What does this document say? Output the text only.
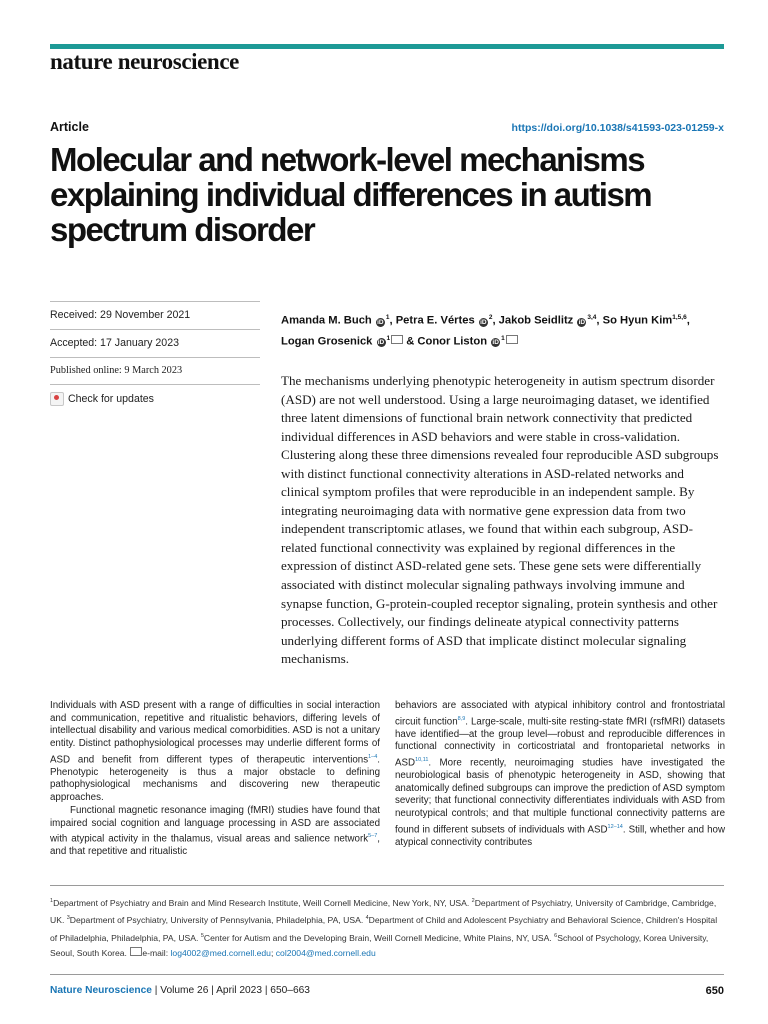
nature neuroscience
Article	https://doi.org/10.1038/s41593-023-01259-x
Molecular and network-level mechanisms explaining individual differences in autism spectrum disorder
Received: 29 November 2021
Accepted: 17 January 2023
Published online: 9 March 2023
Check for updates
Amanda M. Buch $iD^1$, Petra E. Vértes $iD^2$, Jakob Seidlitz iD$^{3,4}$, So Hyun Kim$^{1,5,6}$,
Logan Grosenick $iD^1$ & Conor Liston $iD^1$

The mechanisms underlying phenotypic heterogeneity in autism spectrum disorder (ASD) are not well understood. Using a large neuroimaging dataset, we identified three latent dimensions of functional brain network connectivity that predicted individual differences in ASD behaviors and were stable in cross-validation. Clustering along these three dimensions revealed four reproducible ASD subgroups with distinct functional connectivity alterations in ASD-related networks and clinical symptom profiles that were reproducible in an independent sample. By integrating neuroimaging data with normative gene expression data from two independent transcriptomic atlases, we found that within each subgroup, ASD-related functional connectivity was explained by regional differences in the expression of distinct ASD-related gene sets. These gene sets were differentially associated with distinct molecular signaling pathways involving immune and synapse function, G-protein-coupled receptor signaling, protein synthesis and other processes. Collectively, our findings delineate atypical connectivity patterns underlying different forms of ASD that implicate distinct molecular signaling mechanisms.

Individuals with ASD present with a range of difficulties in social interaction and communication, repetitive and ritualistic behaviors, differing levels of intellectual disability and various medical comorbidities. ASD is not a unitary entity. Distinct pathophysiological processes may underlie different forms of ASD and benefit from different types of therapeutic interventions$^{1-4}$. Phenotypic heterogeneity is thus a major obstacle to defining pathophysiological mechanisms and discovering new therapeutic approaches.

Functional magnetic resonance imaging (fMRI) studies have found that impaired social cognition and language processing in ASD are associated with atypical activity in the thalamus, visual areas and salience network$^{5-7}$, and that repetitive and ritualistic

behaviors are associated with atypical inhibitory control and frontostriatal circuit function$^{8,9}$. Large-scale, multi-site resting-state fMRI (rsfMRI) datasets have identified—at the group level—robust and reproducible differences in functional connectivity in corticostriatal and frontoparietal networks in ASD$^{10,11}$. More recently, neuroimaging studies have investigated the neurobiological basis of phenotypic heterogeneity in ASD, showing that anatomically defined subgroups can improve the prediction of ASD symptom severity; that functional connectivity differentiates individuals with ASD from neurotypical controls; and that multiple functional connectivity patterns are found in different subsets of individuals with ASD$^{12-14}$. Still, whether and how atypical connectivity contributes

$^1$Department of Psychiatry and Brain and Mind Research Institute, Weill Cornell Medicine, New York, NY, USA. $^2$Department of Psychiatry, University of Cambridge, Cambridge, UK. $^3$Department of Psychiatry, University of Pennsylvania, Philadelphia, PA, USA. $^4$Department of Child and Adolescent Psychiatry and Behavioral Science, Children's Hospital of Philadelphia, Philadelphia, PA, USA. $^5$Center for Autism and the Developing Brain, Weill Cornell Medicine, White Plains, NY, USA. $^6$School of Psychology, Korea University, Seoul, South Korea. e-mail: log4002@med.cornell.edu; col2004@med.cornell.edu

Nature Neuroscience | Volume 26 | April 2023 | 650–663	650
